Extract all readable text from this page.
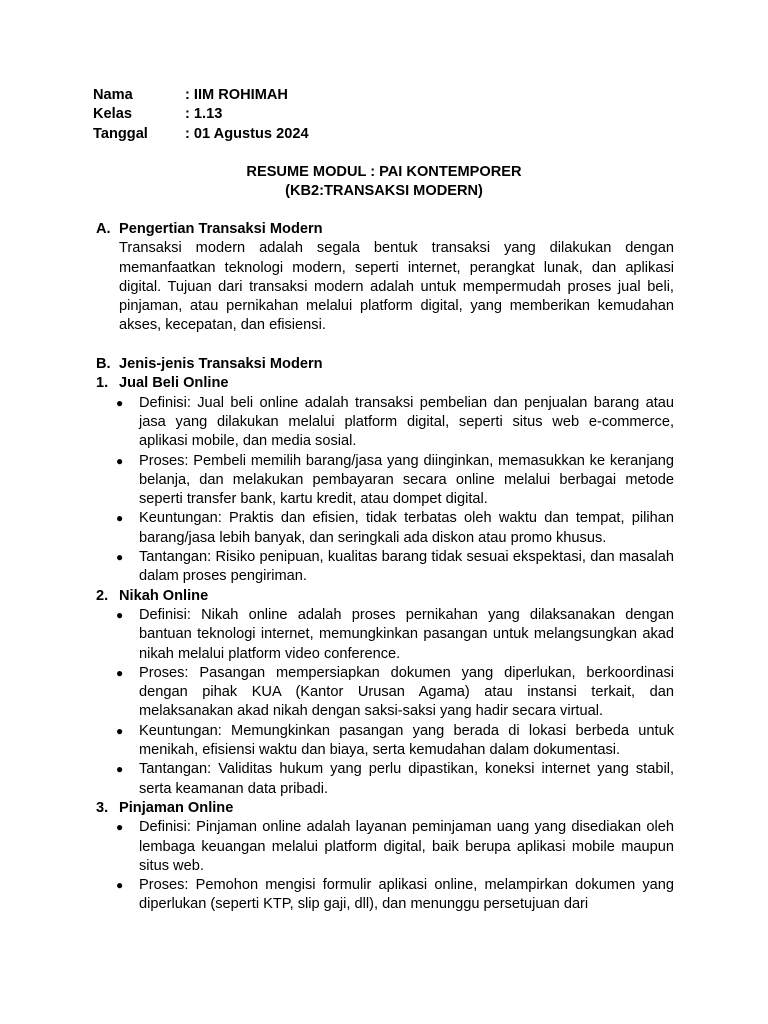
Nama	: IIM ROHIMAH
Kelas	: 1.13
Tanggal	: 01 Agustus 2024
RESUME MODUL : PAI KONTEMPORER
(KB2:TRANSAKSI MODERN)
A. Pengertian Transaksi Modern
Transaksi modern adalah segala bentuk transaksi yang dilakukan dengan memanfaatkan teknologi modern, seperti internet, perangkat lunak, dan aplikasi digital. Tujuan dari transaksi modern adalah untuk mempermudah proses jual beli, pinjaman, atau pernikahan melalui platform digital, yang memberikan kemudahan akses, kecepatan, dan efisiensi.
B. Jenis-jenis Transaksi Modern
1. Jual Beli Online
● Definisi: Jual beli online adalah transaksi pembelian dan penjualan barang atau jasa yang dilakukan melalui platform digital, seperti situs web e-commerce, aplikasi mobile, dan media sosial.
● Proses: Pembeli memilih barang/jasa yang diinginkan, memasukkan ke keranjang belanja, dan melakukan pembayaran secara online melalui berbagai metode seperti transfer bank, kartu kredit, atau dompet digital.
● Keuntungan: Praktis dan efisien, tidak terbatas oleh waktu dan tempat, pilihan barang/jasa lebih banyak, dan seringkali ada diskon atau promo khusus.
● Tantangan: Risiko penipuan, kualitas barang tidak sesuai ekspektasi, dan masalah dalam proses pengiriman.
2. Nikah Online
● Definisi: Nikah online adalah proses pernikahan yang dilaksanakan dengan bantuan teknologi internet, memungkinkan pasangan untuk melangsungkan akad nikah melalui platform video conference.
● Proses: Pasangan mempersiapkan dokumen yang diperlukan, berkoordinasi dengan pihak KUA (Kantor Urusan Agama) atau instansi terkait, dan melaksanakan akad nikah dengan saksi-saksi yang hadir secara virtual.
● Keuntungan: Memungkinkan pasangan yang berada di lokasi berbeda untuk menikah, efisiensi waktu dan biaya, serta kemudahan dalam dokumentasi.
● Tantangan: Validitas hukum yang perlu dipastikan, koneksi internet yang stabil, serta keamanan data pribadi.
3. Pinjaman Online
● Definisi: Pinjaman online adalah layanan peminjaman uang yang disediakan oleh lembaga keuangan melalui platform digital, baik berupa aplikasi mobile maupun situs web.
● Proses: Pemohon mengisi formulir aplikasi online, melampirkan dokumen yang diperlukan (seperti KTP, slip gaji, dll), dan menunggu persetujuan dari
